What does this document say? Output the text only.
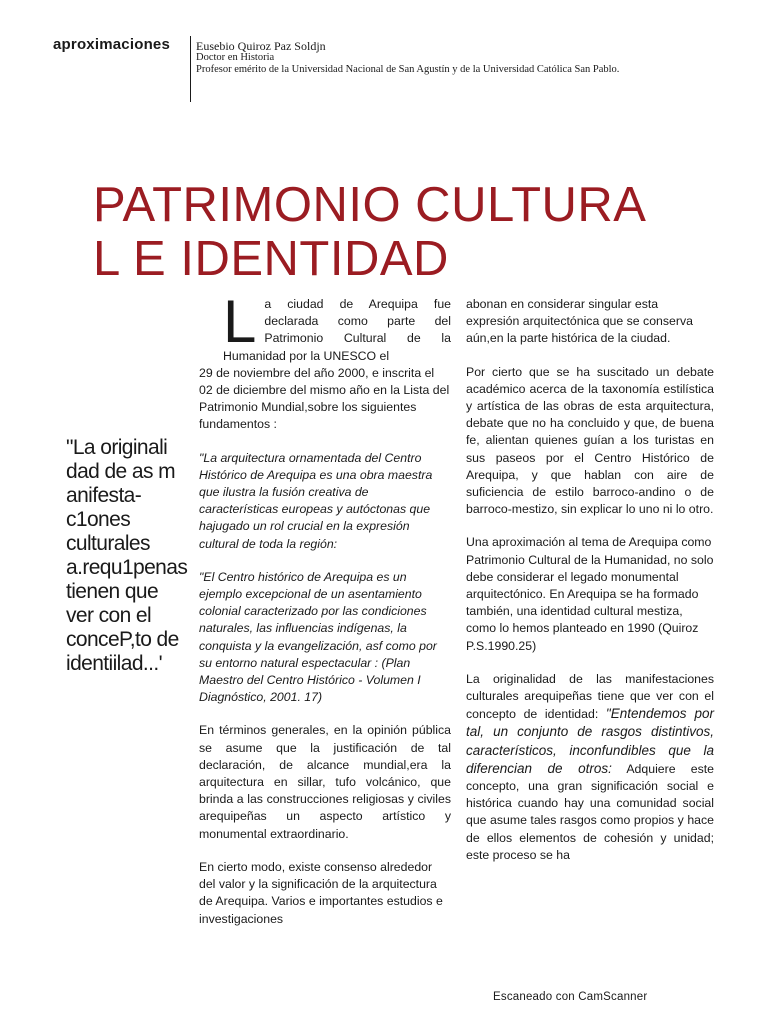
aproximaciones Eusebio Quiroz Paz Soldjn
Doctor en Historia
Profesor emérito de la Universidad Nacional de San Agustín y de la Universidad Católica San Pablo.
PATRIMONIO CULTURA
L E IDENTIDAD
"La originali dad de as m anifesta- c1ones culturales a.requ1penas tienen que ver con el conceP,to de identiilad...'

La ciudad de Arequipa fue declarada como parte del Patrimonio Cultural de la Humanidad por la UNESCO el

29 de noviembre del año 2000, e inscrita el 02 de diciembre del mismo año en la Lista del Patrimonio Mundial,sobre los siguientes fundamentos :

"La arquitectura ornamentada del Centro Histórico de Arequipa es una obra maestra que ilustra la fusión creativa de características europeas y autóctonas que hajugado un rol crucial en la expresión cultural de toda la región:

"El Centro histórico de Arequipa es un ejemplo excepcional de un asentamiento colonial caracterizado por las condiciones naturales, las influencias indígenas, la conquista y la evangelización, asf como por su entorno natural espectacular : (Plan Maestro del Centro Histórico - Volumen I Diagnóstico, 2001. 17)

En términos generales, en la opinión pública se asume que la justificación de tal declaración, de alcance mundial,era la arquitectura en sillar, tufo volcánico, que brinda a las construcciones religiosas y civiles arequipeñas un aspecto artístico y monumental extraordinario.

En cierto modo, existe consenso alrededor del valor y la significación de la arquitectura de Arequipa. Varios e importantes estudios e investigaciones

abonan en considerar singular esta expresión arquitectónica que se conserva aún,en la parte histórica de la ciudad.

Por cierto que se ha suscitado un debate académico acerca de la taxonomía estilística y artística de las obras de esta arquitectura, debate que no ha concluido y que, de buena fe, alientan quienes guían a los turistas en sus paseos por el Centro Histórico de Arequipa, y que hablan con aire de suficiencia de estilo barroco-andino o de barroco-mestizo, sin explicar lo uno ni lo otro.

Una aproximación al tema de Arequipa como Patrimonio Cultural de la Humanidad, no solo debe considerar el legado monumental arquitectónico. En Arequipa se ha formado también, una identidad cultural mestiza, como lo hemos planteado en 1990 (Quiroz P.S.1990.25)

La originalidad de las manifestaciones culturales arequipeñas tiene que ver con el concepto de identidad: "Entendemos por tal, un conjunto de rasgos distintivos, característicos, inconfundibles que la diferencian de otros: Adquiere este concepto, una gran significación social e histórica cuando hay una comunidad social que asume tales rasgos como propios y hace de ellos elementos de cohesión y unidad; este proceso se ha

Escaneado con CamScanner
